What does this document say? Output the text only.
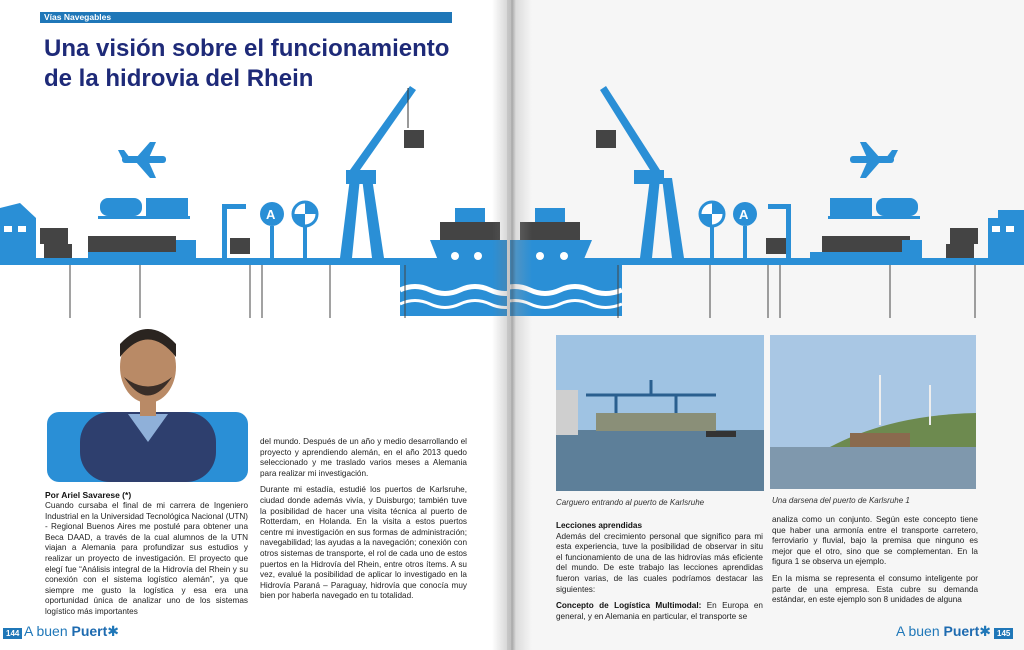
Vías Navegables
Una visión sobre el funcionamiento
de la hidrovia del Rhein
A
Por Ariel Savarese (*)

Cuando cursaba el final de mi carrera de Ingeniero Industrial en la Universidad Tecnológica Nacional (UTN) - Regional Buenos Aires me postulé para obtener una Beca DAAD, a través de la cual alumnos de la UTN viajan a Alemania para profundizar sus estudios y realizar un proyecto de investigación. El proyecto que elegí fue “Análisis integral de la Hidrovía del Rhein y su conexión con el sistema logístico alemán”, ya que siempre me gusto la logística y esa era una oportunidad única de analizar uno de los sistemas logístico más importantes

del mundo. Después de un año y medio desarrollando el proyecto y aprendiendo alemán, en el año 2013 quedo seleccionado y me traslado varios meses a Alemania para realizar mi investigación.

Durante mi estadía, estudié los puertos de Karlsruhe, ciudad donde además vivía, y Duisburgo; también tuve la posibilidad de hacer una visita técnica al puerto de Rotterdam, en Holanda. En la visita a estos puertos centre mi investigación en sus formas de administración; navegabilidad; las ayudas a la navegación; conexión con otros sistemas de transporte, el rol de cada uno de estos puertos en la Hidrovía del Rhein, entre otros ítems. A su vez, evalué la posibilidad de aplicar lo investigado en la Hidrovía Paraná – Paraguay, hidrovía que conocía muy bien por haberla navegado en tu totalidad.

144 A buen Puert✱
A
Carguero entrando al puerto de Karlsruhe	Una darsena del puerto de Karlsruhe 1

Lecciones aprendidas

Además del crecimiento personal que significo para mi esta experiencia, tuve la posibilidad de observar in situ el funcionamiento de una de las hidrovías más eficiente del mundo. De este trabajo las lecciones aprendidas fueron varias, de las cuales podríamos destacar las siguientes:

Concepto de Logística Multimodal: En Europa en general, y en Alemania en particular, el transporte se

analiza como un conjunto. Según este concepto tiene que haber una armonía entre el transporte carretero, ferroviario y fluvial, bajo la premisa que ninguno es mejor que el otro, sino que se complementan. En la figura 1 se observa un ejemplo.

En la misma se representa el consumo inteligente por parte de una empresa. Esta cubre su demanda estándar, en este ejemplo son 8 unidades de alguna

A buen Puert✱ 145
